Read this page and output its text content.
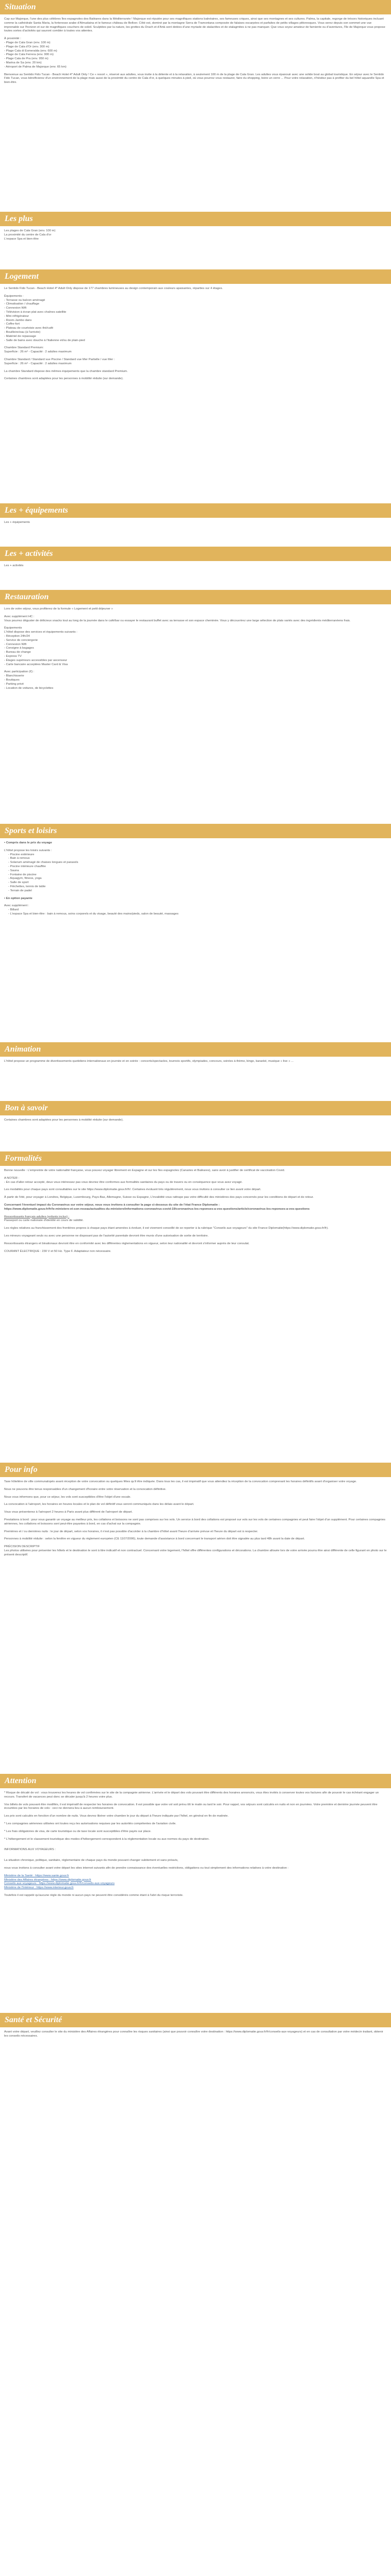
Situation

Cap sur Majorque, l'une des plus célèbres îles espagnoles des Baléares dans la Méditerranée ! Majorque est réputée pour ses magnifiques stations balnéaires, ses fameuses criques, ainsi que ses montagnes et ses cultures. Palma, la capitale, regorge de trésors historiques incluant comme la cathédrale Santa Maria, la forteresse arabe d'Almudaina et le fameux château de Bellver. Côté est, dominé par la montagne Serra de Tramontana composée de falaises escarpées et parfaites de petits villages pittoresques. Vous serez depuis son sommet une vue imprenable sur l'horizon et sur de magnifiques couchers de soleil. Sculptées par la nature, les grottes du Drach et d'Artà sont dotées d'une myriade de stalactites et de stalagmites à ne pas manquer. Que vous soyez amateur de farniente ou d'aventures, l'île de Majorque vous propose toutes sortes d'activités qui sauront combler à toutes vos attentes.

À proximité :

- Plage de Cala Gran (env. 100 m)
- Plage de Cala d'Or (env. 300 m)
- Plage Cala di Esmeralda (env. 600 m)
- Plage de Cala Ferrera (env. 900 m)
- Plage Cala de Pra (env. 950 m)
- Marina de Sa (env. 20 km)
- Aéroport de Palma de Majorque (env. 65 km)

Bienvenue au Sentido Fido Tucan - Beach Hotel 4* Adult Only ! Ce « resort », réservé aux adultes, vous invite à la détente et à la relaxation, à seulement 100 m de la plage de Cala Gran. Les adultes vous épanouir avec une solide bout au global touristique. En séjour avec le Sentido Fido Tucan, vous bénéficierez d'un environnement de la plage mais aussi de la proximité du centre de Cala d'or, à quelques minutes à pied, où vous pourrez vous restaurer, faire du shopping, boire un verre ... Pour votre relaxation, n'hésitez pas à profiter du bel hôtel aquarelle Spa et bien-être.

Les plus
Les plages de Cala Gran (env. 100 m)
La proximité du centre de Cala d'or
L'espace Spa et bien-être
Logement

Le Sentido Fido Tucan - Beach Hotel 4* Adult Only dispose de 177 chambres lumineuses au design contemporain aux couleurs apaisantes, réparties sur 4 étages.

Équipements :

- Terrasse ou balcon aménagé
- Climatisation / chauffage
- Connexion Wifi
- Télévision à écran plat avec chaînes satellite
- Mini réfrigérateur
- Room-Jambo dans
- Coffre-fort
- Plateau de courtoisie avec thé/café
- Bouilloire/eau (à l'arrivée)
- Matériel de repassage
- Salle de bains avec douche à l'italienne et/ou de plain-pied

Chambre Standard Premium:
Superficie : 26 m² - Capacité : 2 adultes maximum

Chambre Standard / Standard vue Piscine / Standard vue Mer Partielle / vue Mer :
Superficie : 26 m² - Capacité : 2 adultes maximum

La chambre Standard dispose des mêmes équipements que la chambre standard Premium.

Certaines chambres sont adaptées pour les personnes à mobilité réduite (sur demande).

Les + équipements

Les + équipements

Les + activités

Les + activités

Restauration

Lors de votre séjour, vous profiterez de la formule « Logement et petit déjeuner »

Avec supplément HC :

Vous pourrez déguster de délicieux snacks tout au long de la journée dans le café/bar ou essayer le restaurant buffet avec sa terrasse et son espace cheminée. Vous y découvrirez une large sélection de plats variés avec des ingrédients méditerranéens frais.

Équipements

L'hôtel dispose des services et équipements suivants :

- Réception 24h/24
- Service de conciergerie
- Connexion Wifi
- Consigne à bagages
- Bureau de change
- Express TV
- Étages supérieurs accessibles par ascenseur
- Carte bancaire acceptées Master Card & Visa

Avec participation (€) :

- Blanchisserie
- Boutiques
- Parking privé
- Location de voitures, de bicyclettes
Sports et loisirs

• Compris dans le prix du voyage

L'hôtel propose les loisirs suivants :

- Piscine extérieure
- Bain à remous
- Solarium aménagé de chaises longues et parasols
- Piscine intérieure chauffée
- Sauna
- Fontaine de piscine
- Aquagym, fitness, yoga
- Salle de sport
- Fléchettes, tennis de table
- Terrain de padel

• En option payante

Avec supplément :

- Billard
- L'espace Spa et bien-être : bain à remous, soins corporels et du visage, beauté des mains/pieds, salon de beauté, massages
Animation

L'hôtel propose un programme de divertissements quotidiens internationaux en journée et en soirée : concerts/spectacles, tournois sportifs, olympiades, concours, soirées à thème, bingo, karaoké, musique « live » ...

Bon à savoir

Certaines chambres sont adaptées pour les personnes à mobilité réduite (sur demande).

Formalités

Bonne nouvelle : L'empreinte de votre nationalité française, vous pouvez voyager librement en Espagne et sur les îles espagnoles (Canaries et Baléares), sans avoir à justifier de certificat de vaccination Covid.

A NOTER :

- En cas d'aller-retour accepté, deux vous intéressez pas vous devriez être conformes aux formalités sanitaires du pays ou de travers ou en conséquence que vous avez voyagé.

Les modalités pour chaque pays sont consultables sur le site https://www.diplomatie.gouv.fr/fr/. Certaines évoluant très régulièrement, nous vous invitons à consulter ce lien avant votre départ.

À partir de l'été, pour voyager à Londres, Belgique, Luxembourg, Pays-Bas, Allemagne, Suisse ou Espagne, L'invalidité vous rattrape pas votre difficulté des ministères des pays concernés pour les conditions de départ et de retour.

Concernant l'éventuel impact du Coronavirus sur votre séjour, nous vous invitons à consulter la page ci-dessous du site de l'état France Diplomatie :

https://www.diplomatie.gouv.fr/fr/le-ministere-et-son-reseau/actualites-du-ministere/informations-coronavirus-covid-19/coronavirus-les-reponses-a-vos-questions/article/coronavirus-les-reponses-a-vos-questions

Ressortissants français adultes (enfants inclus) :

Passeport ou carte nationale d'identité en cours de validité.

Les règles relatives au franchissement des frontières propres à chaque pays étant amenées à évoluer, il est vivement conseillé de se reporter à la rubrique "Conseils aux voyageurs" du site France Diplomatie(https://www.diplomatie.gouv.fr/fr).

Les mineurs voyageant seuls ou avec une personne ne disposant pas de l'autorité parentale devront être munis d'une autorisation de sortie de territoire.

Ressortissants étrangers et binationaux devront être en conformité avec les différentes règlementations en vigueur, selon leur nationalité et devront s'informer auprès de leur consulat.

COURANT ÉLECTRIQUE : 230 V et 50 Hz. Type F. Adaptateur non nécessaire.

Pour info

Taxe hôtelière de ville communalopés avant réception de votre convocation ou quelques fêtes qu'il être indiquée. Dans tous les cas, il est impératif que vous attendiez la réception de la convocation comprenant les horaires définitifs avant d'organiser votre voyage.

Nous ne pouvons être tenus responsables d'un changement d'horaire entre votre réservation et la convocation définitive.

Nous vous informons que, pour ce séjour, les vols sont susceptibles d'être l'objet d'une escale.

La convocation à l'aéroport, les horaires en heures locales et le plan de vol définitif vous seront communiqués dans les délais avant le départ.

Vous vous présenterez à l'aéroport 2 heures à Paris avant plus différent de l'aéroport de départ.

Prestations à bord : pour vous garantir un voyage au meilleur prix, les collations et boissons ne sont pas comprises sur les vols. Un service à bord des collations est proposé sur vols sur les vols de certaines compagnies et peut faire l'objet d'un supplément. Pour certaines compagnies aériennes, les collations et boissons sont peut-être payantes à bord, en cas d'achat sur la compagnie.

Premières et / ou dernières nuits : le jour de départ, selon vos horaires, il n'est pas possible d'accéder à la chambre d'hôtel avant l'heure d'arrivée prévue et l'heure du départ est à respecter.

Personnes à mobilité réduite : selon la fenêtre en vigueur du règlement européen (CE 1107/2006), toute demande d'assistance à bord concernant le transport aérien doit être signalée au plus tard 48h avant la date de départ.

PRÉCISION DESCRIPTIF

Les photos utilisées pour présenter les hôtels et le destination le sont à titre indicatif et non contractuel. Concernant votre logement, l'hôtel offre différentes configurations et décorations. La chambre allouée lors de votre arrivée pourra être ainsi différente de celle figurant en photo sur le présent descriptif.

Attention

* Risque de décalé de vol : vous trouverez les heures de vol confirmées sur le site de la compagnie aérienne. L'arrivée et le départ des vols pouvant être différents des horaires annoncés, vous êtes invités à conserver toutes vos factures afin de pouvoir le cas échéant engager un recours. Transfert de vacances peut donc se décaler jusqu'à 2 heures voire plus.

Vos billets de vols pouvant être modifiés, il est impératif de respecter les horaires de convocation. Il est possible que votre vol soit prévu tôt le matin ou tard le soir. Pour rappel, vos séjours sont calculés en nuits et non en journées. Votre première et dernière journée peuvent être écourtées par les horaires de vols : ceci ne donnera lieu à aucun remboursement.

Les prix sont calculés en fonction d'un nombre de nuits. Vous devrez libérer votre chambre le jour du départ à l'heure indiquée par l'hôtel, en général en fin de matinée.

* Les compagnies aériennes utilisées ont toutes reçu les autorisations requises par les autorités compétentes de l'aviation civile.

* Les frais obligatoires de visa, de carte touristique ou de taxe locale sont susceptibles d'être payés sur place.

* L'hébergement et le classement touristique des modes d'hébergement correspondent à la réglementation locale ou aux normes du pays de destination.

INFORMATIONS AUX VOYAGEURS :

La situation chronique, politique, sanitaire, réglementaire de chaque pays du monde pouvant changer subitement et sans préavis,

nous vous invitons à consulter avant votre départ les sites internet suivants afin de prendre connaissance des éventuelles restrictions, obligations ou tout simplement des informations relatives à votre destination :

Ministère de la Santé : https://www.sante.gouv.fr
Ministère des Affaires étrangères : https://www.diplomatie.gouv.fr
Conseils aux voyageurs : https://www.diplomatie.gouv.fr/fr/conseils-aux-voyageurs
Ministère de l'Intérieur : https://www.interieur.gouv.fr

Toutefois il est rappelé qu'aucune règle du monde ni aucun pays ne peuvent être considérés comme étant à l'abri du risque terroriste.

Santé et Sécurité

Avant votre départ, veuillez consulter le site du ministère des Affaires étrangères pour connaître les risques sanitaires (ainsi que pouvoir connaître votre destination : https://www.diplomatie.gouv.fr/fr/conseils-aux-voyageurs) et en cas de consultation par votre médecin traitant, obtenir les conseils nécessaires.
